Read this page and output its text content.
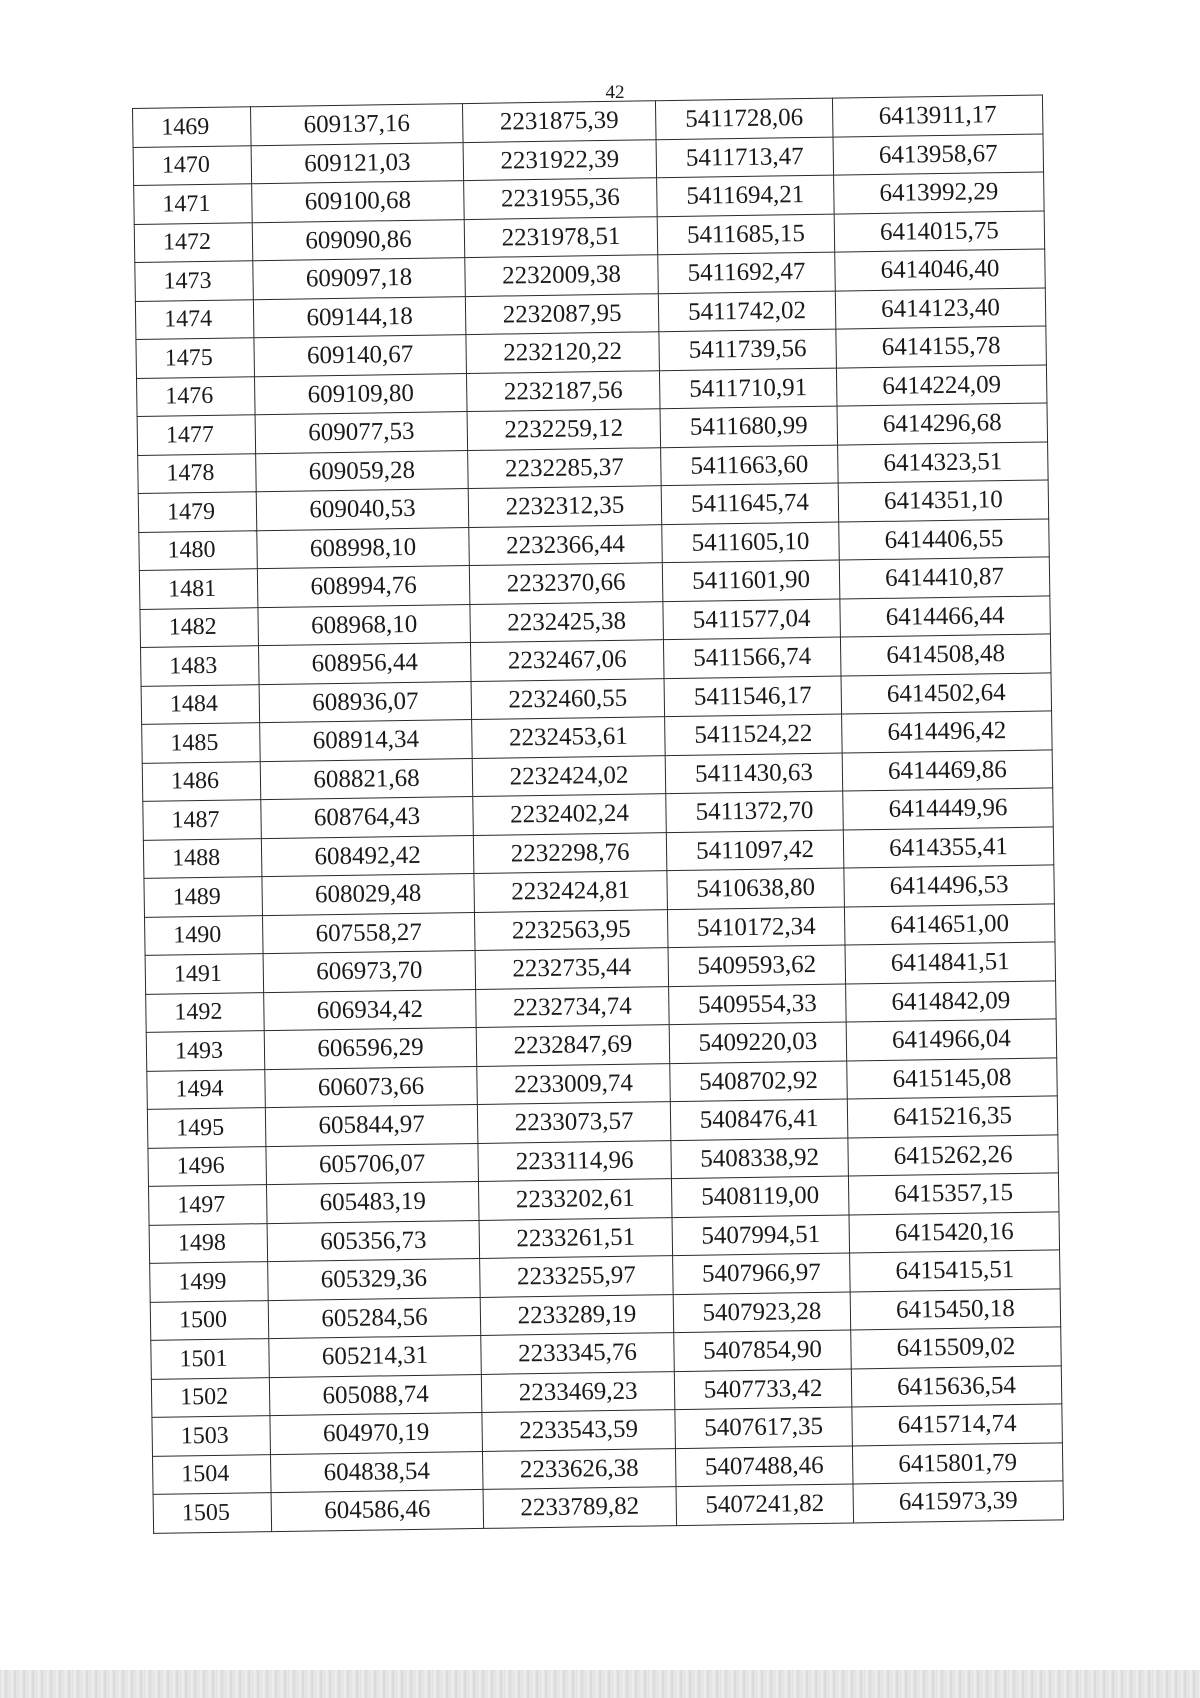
42
1469	609137,16	2231875,39	5411728,06	6413911,17
1470	609121,03	2231922,39	5411713,47	6413958,67
1471	609100,68	2231955,36	5411694,21	6413992,29
1472	609090,86	2231978,51	5411685,15	6414015,75
1473	609097,18	2232009,38	5411692,47	6414046,40
1474	609144,18	2232087,95	5411742,02	6414123,40
1475	609140,67	2232120,22	5411739,56	6414155,78
1476	609109,80	2232187,56	5411710,91	6414224,09
1477	609077,53	2232259,12	5411680,99	6414296,68
1478	609059,28	2232285,37	5411663,60	6414323,51
1479	609040,53	2232312,35	5411645,74	6414351,10
1480	608998,10	2232366,44	5411605,10	6414406,55
1481	608994,76	2232370,66	5411601,90	6414410,87
1482	608968,10	2232425,38	5411577,04	6414466,44
1483	608956,44	2232467,06	5411566,74	6414508,48
1484	608936,07	2232460,55	5411546,17	6414502,64
1485	608914,34	2232453,61	5411524,22	6414496,42
1486	608821,68	2232424,02	5411430,63	6414469,86
1487	608764,43	2232402,24	5411372,70	6414449,96
1488	608492,42	2232298,76	5411097,42	6414355,41
1489	608029,48	2232424,81	5410638,80	6414496,53
1490	607558,27	2232563,95	5410172,34	6414651,00
1491	606973,70	2232735,44	5409593,62	6414841,51
1492	606934,42	2232734,74	5409554,33	6414842,09
1493	606596,29	2232847,69	5409220,03	6414966,04
1494	606073,66	2233009,74	5408702,92	6415145,08
1495	605844,97	2233073,57	5408476,41	6415216,35
1496	605706,07	2233114,96	5408338,92	6415262,26
1497	605483,19	2233202,61	5408119,00	6415357,15
1498	605356,73	2233261,51	5407994,51	6415420,16
1499	605329,36	2233255,97	5407966,97	6415415,51
1500	605284,56	2233289,19	5407923,28	6415450,18
1501	605214,31	2233345,76	5407854,90	6415509,02
1502	605088,74	2233469,23	5407733,42	6415636,54
1503	604970,19	2233543,59	5407617,35	6415714,74
1504	604838,54	2233626,38	5407488,46	6415801,79
1505	604586,46	2233789,82	5407241,82	6415973,39
